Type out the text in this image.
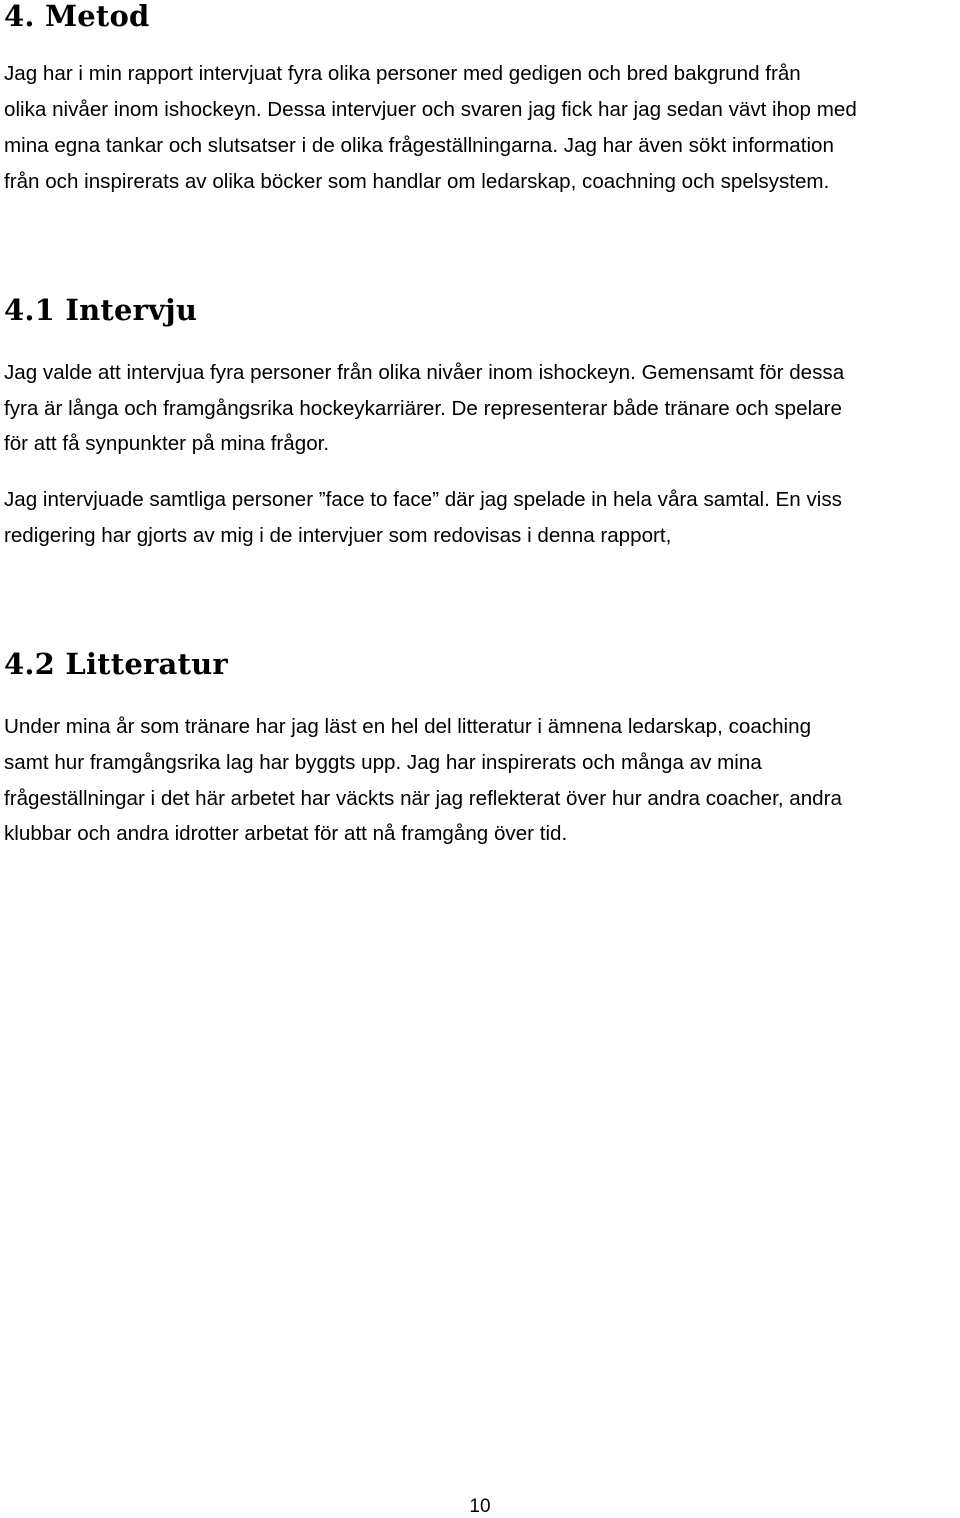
4. Metod

Jag har i min rapport intervjuat fyra olika personer med gedigen och bred bakgrund från

olika nivåer inom ishockeyn. Dessa intervjuer och svaren jag fick har jag sedan vävt ihop med

mina egna tankar och slutsatser i de olika frågeställningarna. Jag har även sökt information

från och inspirerats av olika böcker som handlar om ledarskap, coachning och spelsystem.

4.1 Intervju

Jag valde att intervjua fyra personer från olika nivåer inom ishockeyn. Gemensamt för dessa

fyra är långa och framgångsrika hockeykarriärer. De representerar både tränare och spelare

för att få synpunkter på mina frågor.

Jag intervjuade samtliga personer ”face to face” där jag spelade in hela våra samtal. En viss

redigering har gjorts av mig i de intervjuer som redovisas i denna rapport,

4.2 Litteratur

Under mina år som tränare har jag läst en hel del litteratur i ämnena ledarskap, coaching

samt hur framgångsrika lag har byggts upp. Jag har inspirerats och många av mina

frågeställningar i det här arbetet har väckts när jag reflekterat över hur andra coacher, andra

klubbar och andra idrotter arbetat för att nå framgång över tid.

10
